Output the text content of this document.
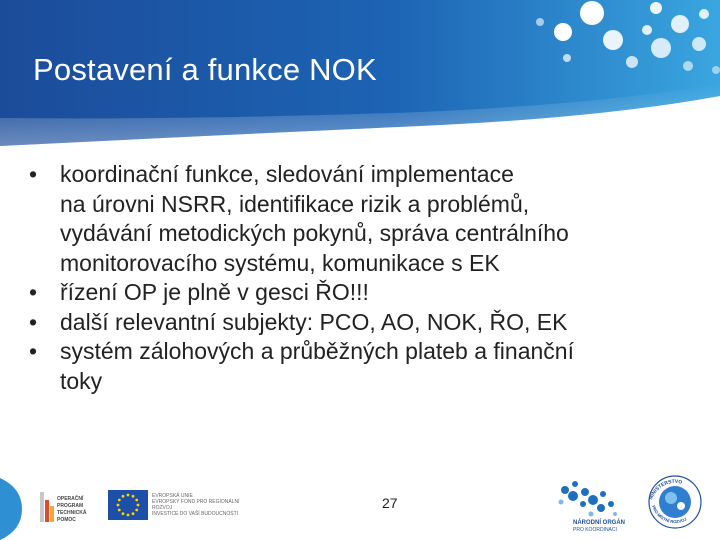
Postavení a funkce NOK
• koordinační funkce, sledování implementace
na úrovni NSRR, identifikace rizik a problémů,
vydávání metodických pokynů, správa centrálního
monitorovacího systému, komunikace s EK
• řízení OP je plně v gesci ŘO!!!
• další relevantní subjekty: PCO, AO, NOK, ŘO, EK
• systém zálohových a průběžných plateb a finanční
toky
OPERAČNÍ
PROGRAM
TECHNICKÁ
POMOC
EVROPSKÁ UNIE
EVROPSKÝ FOND PRO REGIONÁLNÍ ROZVOJ
INVESTICE DO VAŠÍ BUDOUCNOSTI
27
NÁRODNÍ ORGÁN
PRO KOORDINACI
MINISTERSTVO
PRO MÍSTNÍ ROZVOJ
